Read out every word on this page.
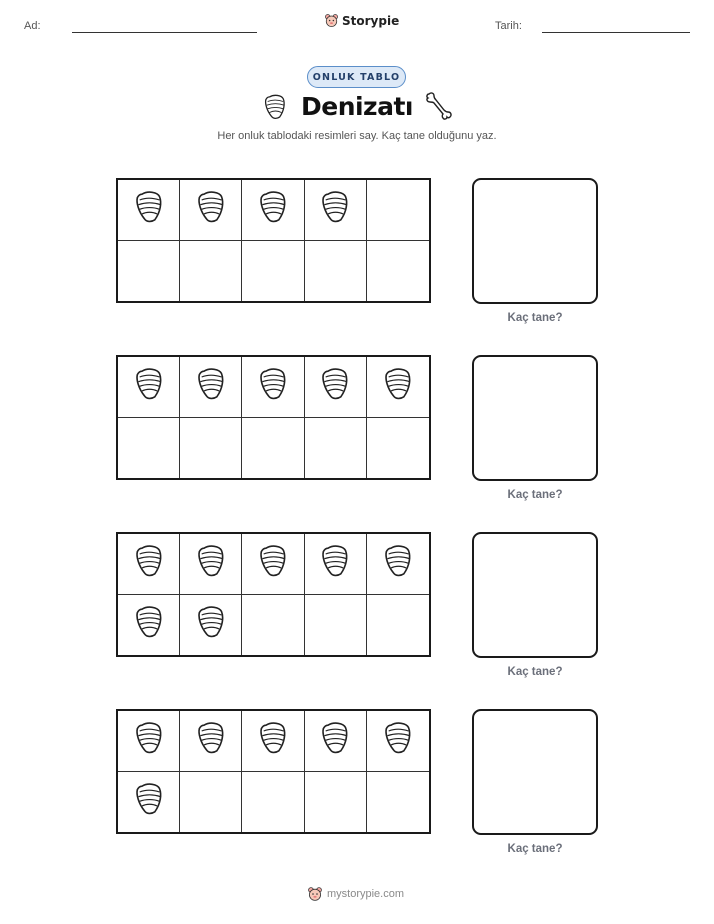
Ad:	Storypie	Tarih:
ONLUK TABLO
Denizatı
Her onluk tablodaki resimleri say. Kaç tane olduğunu yaz.
Kaç tane?
Kaç tane?
Kaç tane?
Kaç tane?
mystorypie.com
